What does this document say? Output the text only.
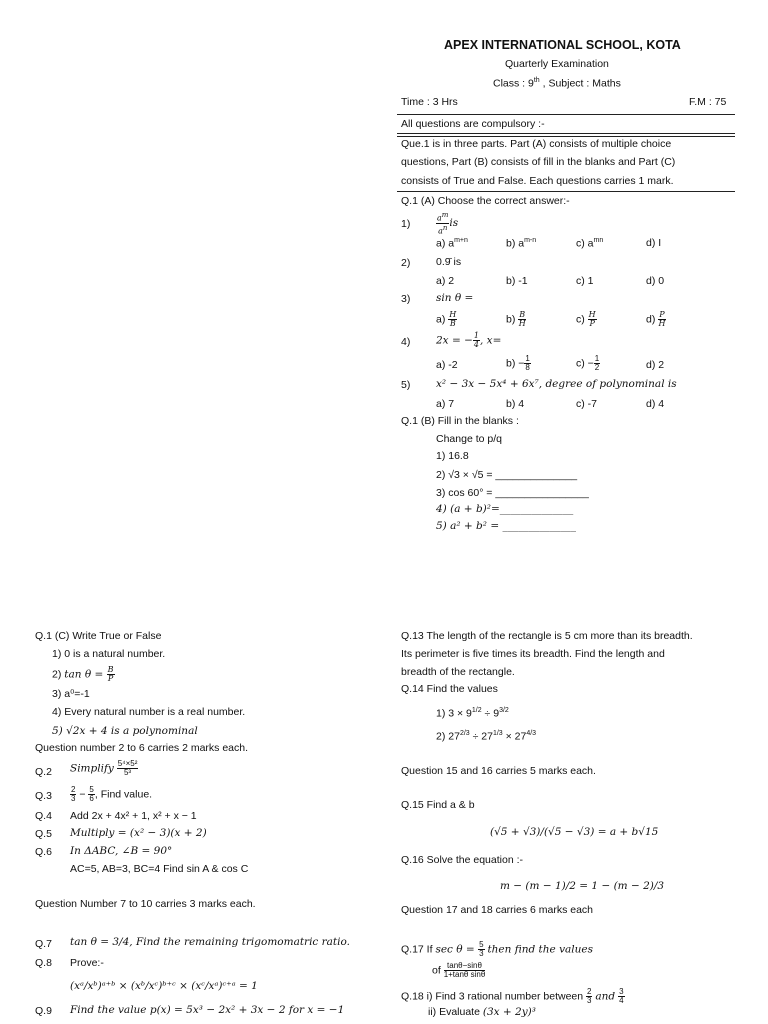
APEX INTERNATIONAL SCHOOL, KOTA
Quarterly Examination
Class : 9th , Subject : Maths
Time : 3 Hrs	F.M : 75
All questions are compulsory :-
Que.1 is in three parts. Part (A) consists of multiple choice
questions, Part (B) consists of fill in the blanks and Part (C)
consists of True and False. Each questions carries 1 mark.
Q.1 (A) Choose the correct answer:-
1)	$\frac{a^m}{a^n}$ is
a) $a^{m+n}$	b) $a^{m-n}$	c) $a^{mn}$	d) I
2) 0.9̄ is
a) 2	b) -1	c) 1	d) 0
3) sin θ =
$a) \frac{H}{B}$	$b) \frac{B}{H}$	$c) \frac{H}{P}$	$d) \frac{P}{H}$
4) 2x = − $\frac{1}{4}$ , x=
a) -2	$b) - \frac{1}{8}$	$c) - \frac{1}{2}$	d) 2
5) x² − 3x − 5x⁴ + 6x⁷, degree of polynominal is
a) 7	b) 4	c) -7	d) 4
Q.1 (B) Fill in the blanks :
Change to p/q
1) 16.8
2) √3 × √5 = ______________
3) cos 60° = ________________
4) (a + b)²=______________
5) a² + b² = ______________
Q.1 (C) Write True or False
1) 0 is a natural number.
2) $\tan \theta = \frac{B}{P}$
3) a⁰=-1
4) Every natural number is a real number.
5) √2x + 4 is a polynominal
Question number 2 to 6 carries 2 marks each.
Q.2 Simplify $\frac{\text{5⁴×5²}}{\text{5³}}$
$Q.3 \frac{2}{3} - \frac{5}{6}$ , Find value.
Q.4 Add 2x + 4x² + 1, x² + x − 1
Q.5 Multiply = (x² − 3)(x + 2)
Q.6 In ΔABC, ∠B = 90°
AC=5, AB=3, BC=4 Find sin A & cos C
Question Number 7 to 10 carries 3 marks each.
Q.7 tan θ = 3/4, Find the remaining trigomomatric ratio.
Q.8 Prove:-
(xᵃ/xᵇ)ᵃ⁺ᵇ × (xᵇ/xᶜ)ᵇ⁺ᶜ × (xᶜ/xᵃ)ᶜ⁺ᵃ = 1
Q.9 Find the value p(x) = 5x³ − 2x² + 3x − 2 for x = −1
Q.13 The length of the rectangle is 5 cm more than its breadth.
Its perimeter is five times its breadth. Find the length and
breadth of the rectangle.
Q.14 Find the values
1) $3 \times 9^{1/2} \div 9^{3/2}$
2) $27^{2/3} \div 27^{1/3} \times 27^{4/3}$
Question 15 and 16 carries 5 marks each.
Q.15 Find a & b
(√5 + √3)/(√5 − √3) = a + b√15
Q.16 Solve the equation :-
m − (m − 1)/2 = 1 − (m − 2)/3
Question 17 and 18 carries 6 marks each
Q.17 If $\sec \theta = \frac{5}{3}$ then find the values
of $\frac{\tan\theta-\sin\theta}{\text{1+tanθ sinθ}}$
Q.18 i) Find 3 rational number between $\frac{2}{3}$ and $\frac{3}{4}$
ii) Evaluate (3x + 2y)³
